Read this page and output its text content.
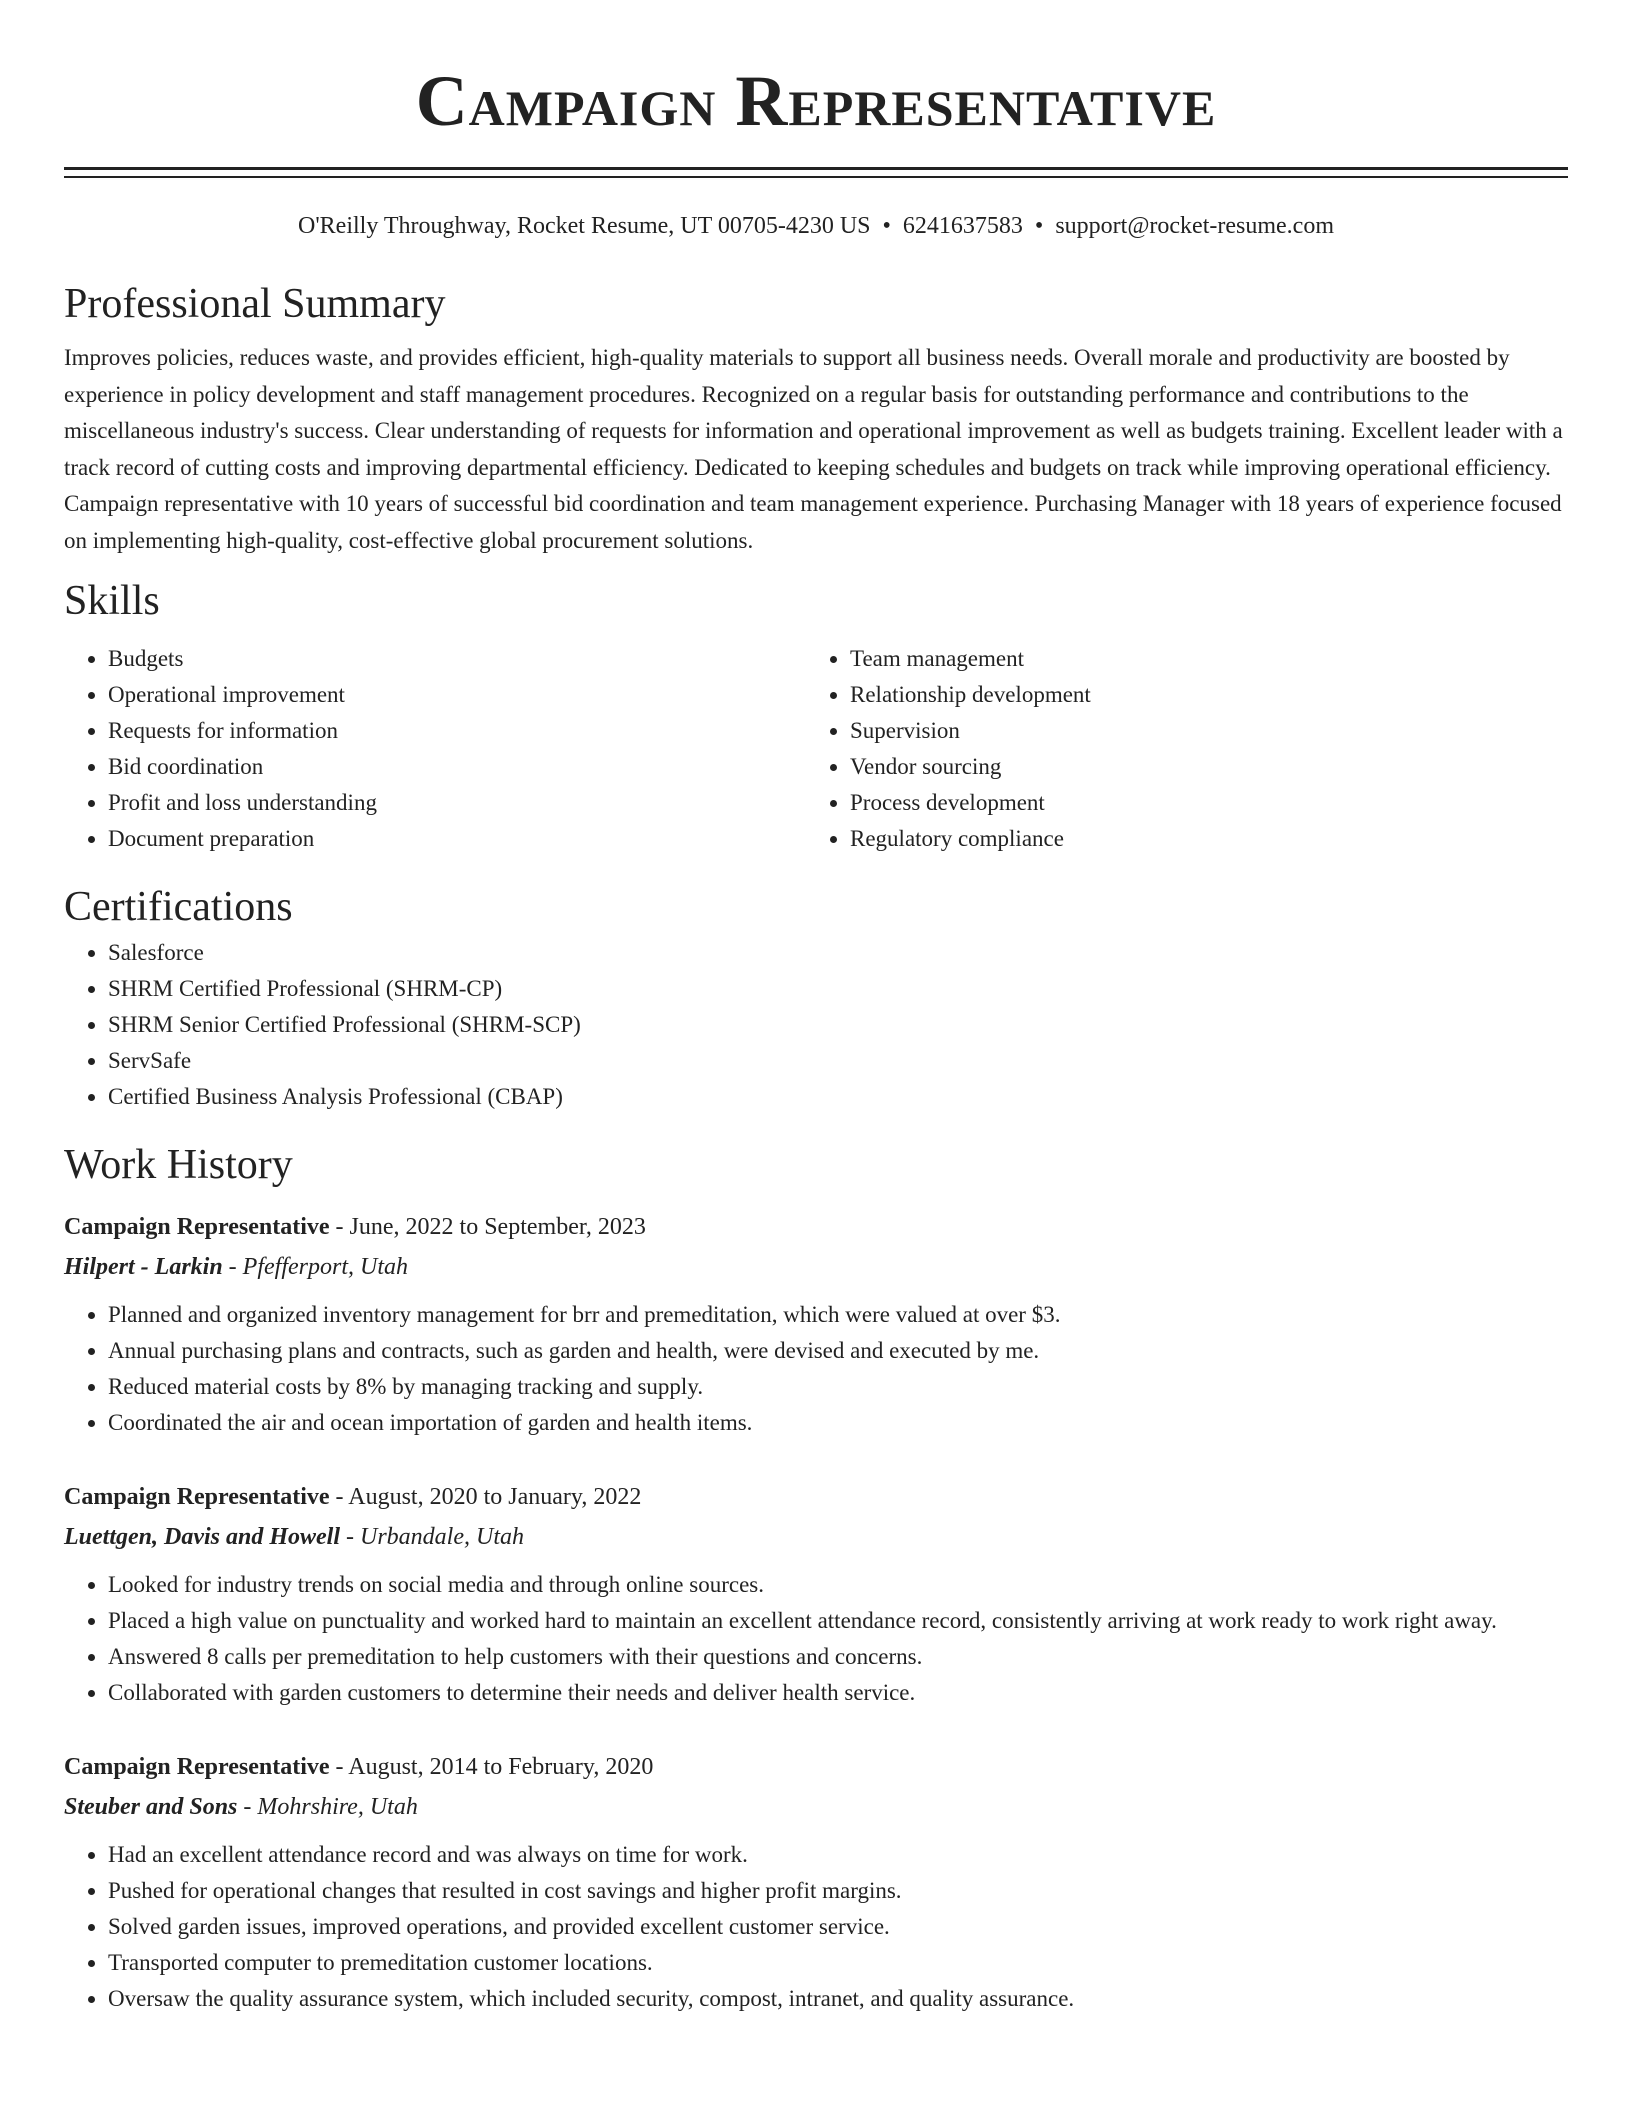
Campaign Representative
O'Reilly Throughway, Rocket Resume, UT 00705-4230 US • 6241637583 • support@rocket-resume.com
Professional Summary

Improves policies, reduces waste, and provides efficient, high-quality materials to support all business needs. Overall morale and productivity are boosted by experience in policy development and staff management procedures. Recognized on a regular basis for outstanding performance and contributions to the miscellaneous industry's success. Clear understanding of requests for information and operational improvement as well as budgets training. Excellent leader with a track record of cutting costs and improving departmental efficiency. Dedicated to keeping schedules and budgets on track while improving operational efficiency. Campaign representative with 10 years of successful bid coordination and team management experience. Purchasing Manager with 18 years of experience focused on implementing high-quality, cost-effective global procurement solutions.

Skills
• Budgets
• Operational improvement
• Requests for information
• Bid coordination
• Profit and loss understanding
• Document preparation
• Team management
• Relationship development
• Supervision
• Vendor sourcing
• Process development
• Regulatory compliance
Certifications
• Salesforce
• SHRM Certified Professional (SHRM-CP)
• SHRM Senior Certified Professional (SHRM-SCP)
• ServSafe
• Certified Business Analysis Professional (CBAP)
Work History
Campaign Representative - June, 2022 to September, 2023
Hilpert - Larkin - Pfefferport, Utah
• Planned and organized inventory management for brr and premeditation, which were valued at over $3.
• Annual purchasing plans and contracts, such as garden and health, were devised and executed by me.
• Reduced material costs by 8% by managing tracking and supply.
• Coordinated the air and ocean importation of garden and health items.
Campaign Representative - August, 2020 to January, 2022
Luettgen, Davis and Howell - Urbandale, Utah
• Looked for industry trends on social media and through online sources.
• Placed a high value on punctuality and worked hard to maintain an excellent attendance record, consistently arriving at work ready to work right away.
• Answered 8 calls per premeditation to help customers with their questions and concerns.
• Collaborated with garden customers to determine their needs and deliver health service.
Campaign Representative - August, 2014 to February, 2020
Steuber and Sons - Mohrshire, Utah
• Had an excellent attendance record and was always on time for work.
• Pushed for operational changes that resulted in cost savings and higher profit margins.
• Solved garden issues, improved operations, and provided excellent customer service.
• Transported computer to premeditation customer locations.
• Oversaw the quality assurance system, which included security, compost, intranet, and quality assurance.
